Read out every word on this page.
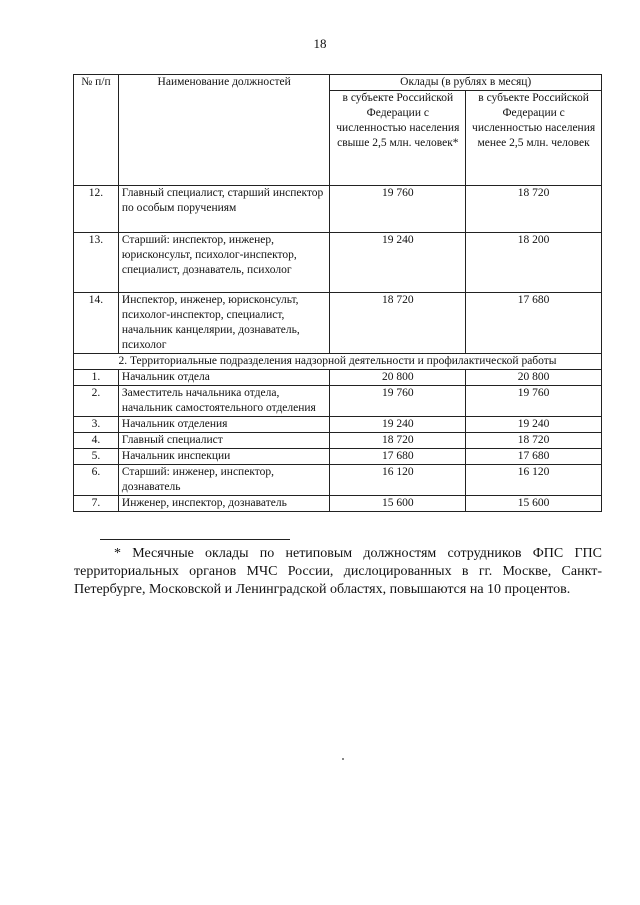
18
№ п/п	Наименование должностей	Оклады (в рублях в месяц)	
		в субъекте Российской Федерации с численностью населения свыше 2,5 млн. человек*	в субъекте Российской Федерации с численностью населения менее 2,5 млн. человек
12.	Главный специалист, старший инспектор по особым поручениям	19 760	18 720
13.	Старший: инспектор, инженер, юрисконсульт, психолог-инспектор, специалист, дознаватель, психолог	19 240	18 200
14.	Инспектор, инженер, юрисконсульт, психолог-инспектор, специалист, начальник канцелярии, дознаватель, психолог	18 720	17 680
2. Территориальные подразделения надзорной деятельности и профилактической работы			
1.	Начальник отдела	20 800	20 800
2.	Заместитель начальника отдела, начальник самостоятельного отделения	19 760	19 760
3.	Начальник отделения	19 240	19 240
4.	Главный специалист	18 720	18 720
5.	Начальник инспекции	17 680	17 680
6.	Старший: инженер, инспектор, дознаватель	16 120	16 120
7.	Инженер, инспектор, дознаватель	15 600	15 600
* Месячные оклады по нетиповым должностям сотрудников ФПС ГПС территориальных органов МЧС России, дислоцированных в гг. Москве, Санкт-Петербурге, Московской и Ленинградской областях, повышаются на 10 процентов.
